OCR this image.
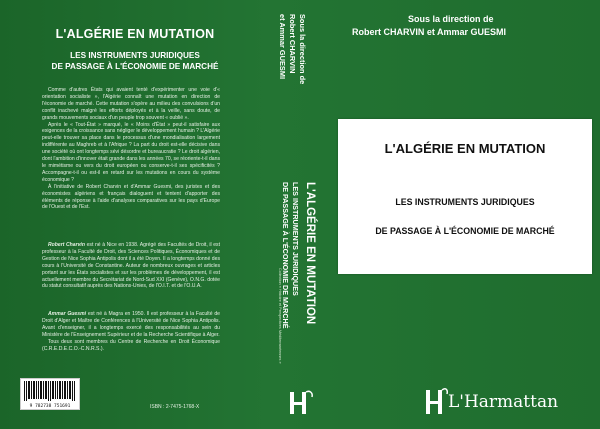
L'ALGÉRIE EN MUTATION
LES INSTRUMENTS JURIDIQUES
DE PASSAGE À L'ÉCONOMIE DE MARCHÉ

Comme d'autres États qui avaient tenté d'expérimenter une voie d'« orientation socialiste », l'Algérie connaît une mutation en direction de l'économie de marché. Cette mutation s'opère au milieu des convulsions d'un conflit inachevé malgré les efforts déployés et à la veille, sans doute, de grands mouvements sociaux d'un peuple trop souvent « oublié ».

Après le « Tout-État » marqué, le « Moins d'État » peut-il satisfaire aux exigences de la croissance sans négliger le développement humain ? L'Algérie peut-elle trouver sa place dans le processus d'une mondialisation largement indifférente au Maghreb et à l'Afrique ? La part du droit est-elle décisive dans une société où ont longtemps sévi désordre et bureaucratie ? Le droit algérien, dont l'ambition d'innover était grande dans les années 70, se réoriente-t-il dans le mimétisme ou vers du droit européen ou conserve-t-il ses spécificités ? Accompagne-t-il ou est-il en retard sur les mutations en cours du système économique ?

À l'initiative de Robert Charvin et d'Ammar Guesmi, des juristes et des économistes algériens et français dialoguent et tentent d'apporter des éléments de réponse à l'aide d'analyses comparatives sur les pays d'Europe de l'Ouest et de l'Est.

Robert Charvin est né à Nice en 1938. Agrégé des Facultés de Droit, il est professeur à la Faculté de Droit, des Sciences Politiques, Économiques et de Gestion de Nice Sophia Antipolis dont il a été Doyen. Il a longtemps donné des cours à l'Université de Constantine. Auteur de nombreux ouvrages et articles portant sur les États socialistes et sur les problèmes de développement, il est actuellement membre du Secrétariat de Nord-Sud XXI (Genève), O.N.G. dotée du statut consultatif auprès des Nations-Unies, de l'O.I.T. et de l'O.U.A.

Ammar Guesmi est né à Magra en 1950. Il est professeur à la Faculté de Droit d'Alger et Maître de Conférences à l'Université de Nice Sophia Antipolis. Avant d'enseigner, il a longtemps exercé des responsabilités au sein du Ministère de l'Enseignement Supérieur et de la Recherche Scientifique à Alger.

Tous deux sont membres du Centre de Recherche en Droit Économique (C.R.E.D.E.C.O.-C.N.R.S.).

9 782738 751691	ISBN : 2-7475-1768-X
L'ALGÉRIE EN MUTATION
LES INSTRUMENTS JURIDIQUES
DE PASSAGE À L'ÉCONOMIE DE MARCHÉ
Sous la direction de
Robert CHARVIN
et Ammar GUESMI
Collection « Histoire et Perspectives Méditerranéennes »
Sous la direction de
Robert CHARVIN et Ammar GUESMI
L'ALGÉRIE EN MUTATION
LES INSTRUMENTS JURIDIQUES
DE PASSAGE À L'ÉCONOMIE DE MARCHÉ
L'Harmattan
